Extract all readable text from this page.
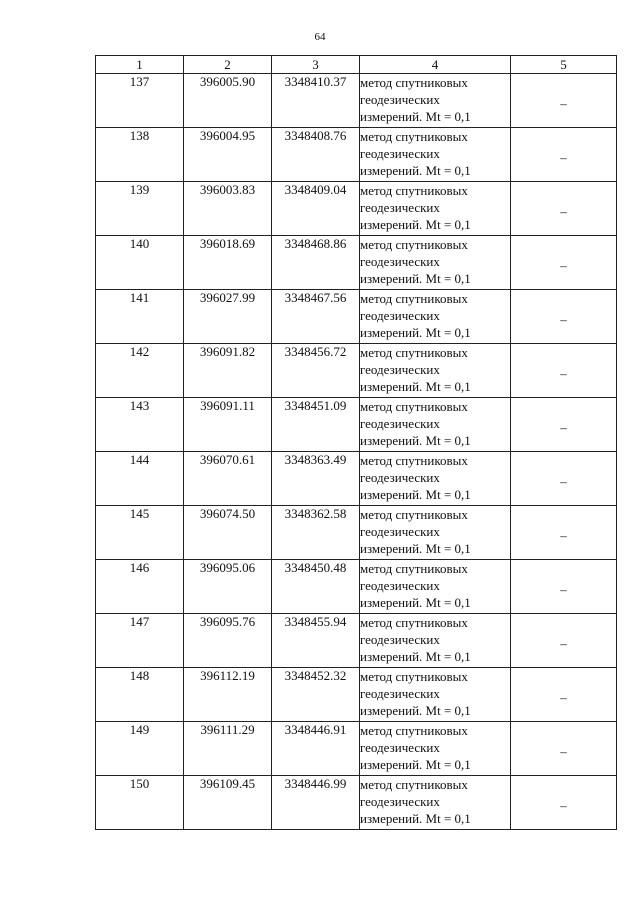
64
1	2	3	4	5
137	396005.90	3348410.37	метод спутниковых
геодезических
измерений. Mt = 0,1	–
138	396004.95	3348408.76	метод спутниковых
геодезических
измерений. Mt = 0,1	–
139	396003.83	3348409.04	метод спутниковых
геодезических
измерений. Mt = 0,1	–
140	396018.69	3348468.86	метод спутниковых
геодезических
измерений. Mt = 0,1	–
141	396027.99	3348467.56	метод спутниковых
геодезических
измерений. Mt = 0,1	–
142	396091.82	3348456.72	метод спутниковых
геодезических
измерений. Mt = 0,1	–
143	396091.11	3348451.09	метод спутниковых
геодезических
измерений. Mt = 0,1	–
144	396070.61	3348363.49	метод спутниковых
геодезических
измерений. Mt = 0,1	–
145	396074.50	3348362.58	метод спутниковых
геодезических
измерений. Mt = 0,1	–
146	396095.06	3348450.48	метод спутниковых
геодезических
измерений. Mt = 0,1	–
147	396095.76	3348455.94	метод спутниковых
геодезических
измерений. Mt = 0,1	–
148	396112.19	3348452.32	метод спутниковых
геодезических
измерений. Mt = 0,1	–
149	396111.29	3348446.91	метод спутниковых
геодезических
измерений. Mt = 0,1	–
150	396109.45	3348446.99	метод спутниковых
геодезических
измерений. Mt = 0,1	–
